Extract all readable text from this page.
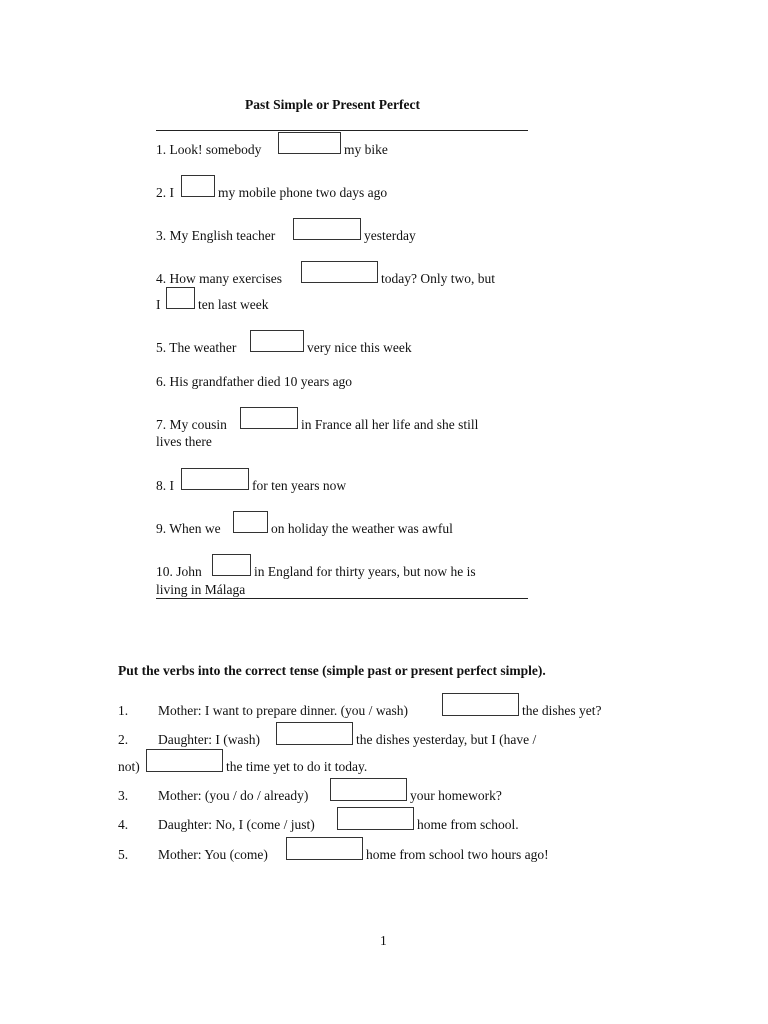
Past Simple or Present Perfect
1. Look! somebody	my bike
2. I	my mobile phone two days ago
3. My English teacher	yesterday
4. How many exercises	today? Only two, but
I	ten last week
5. The weather	very nice this week
6. His grandfather died 10 years ago
7. My cousin	in France all her life and she still
lives there
8. I	for ten years now
9. When we	on holiday the weather was awful
10. John	in England for thirty years, but now he is
living in Málaga
Put the verbs into the correct tense (simple past or present perfect simple).
1. Mother: I want to prepare dinner. (you / wash)	the dishes yet?
2. Daughter: I (wash)	the dishes yesterday, but I (have /
not)	the time yet to do it today.
3. Mother: (you / do / already)	your homework?
4. Daughter: No, I (come / just)	home from school.
5. Mother: You (come)	home from school two hours ago!
1
